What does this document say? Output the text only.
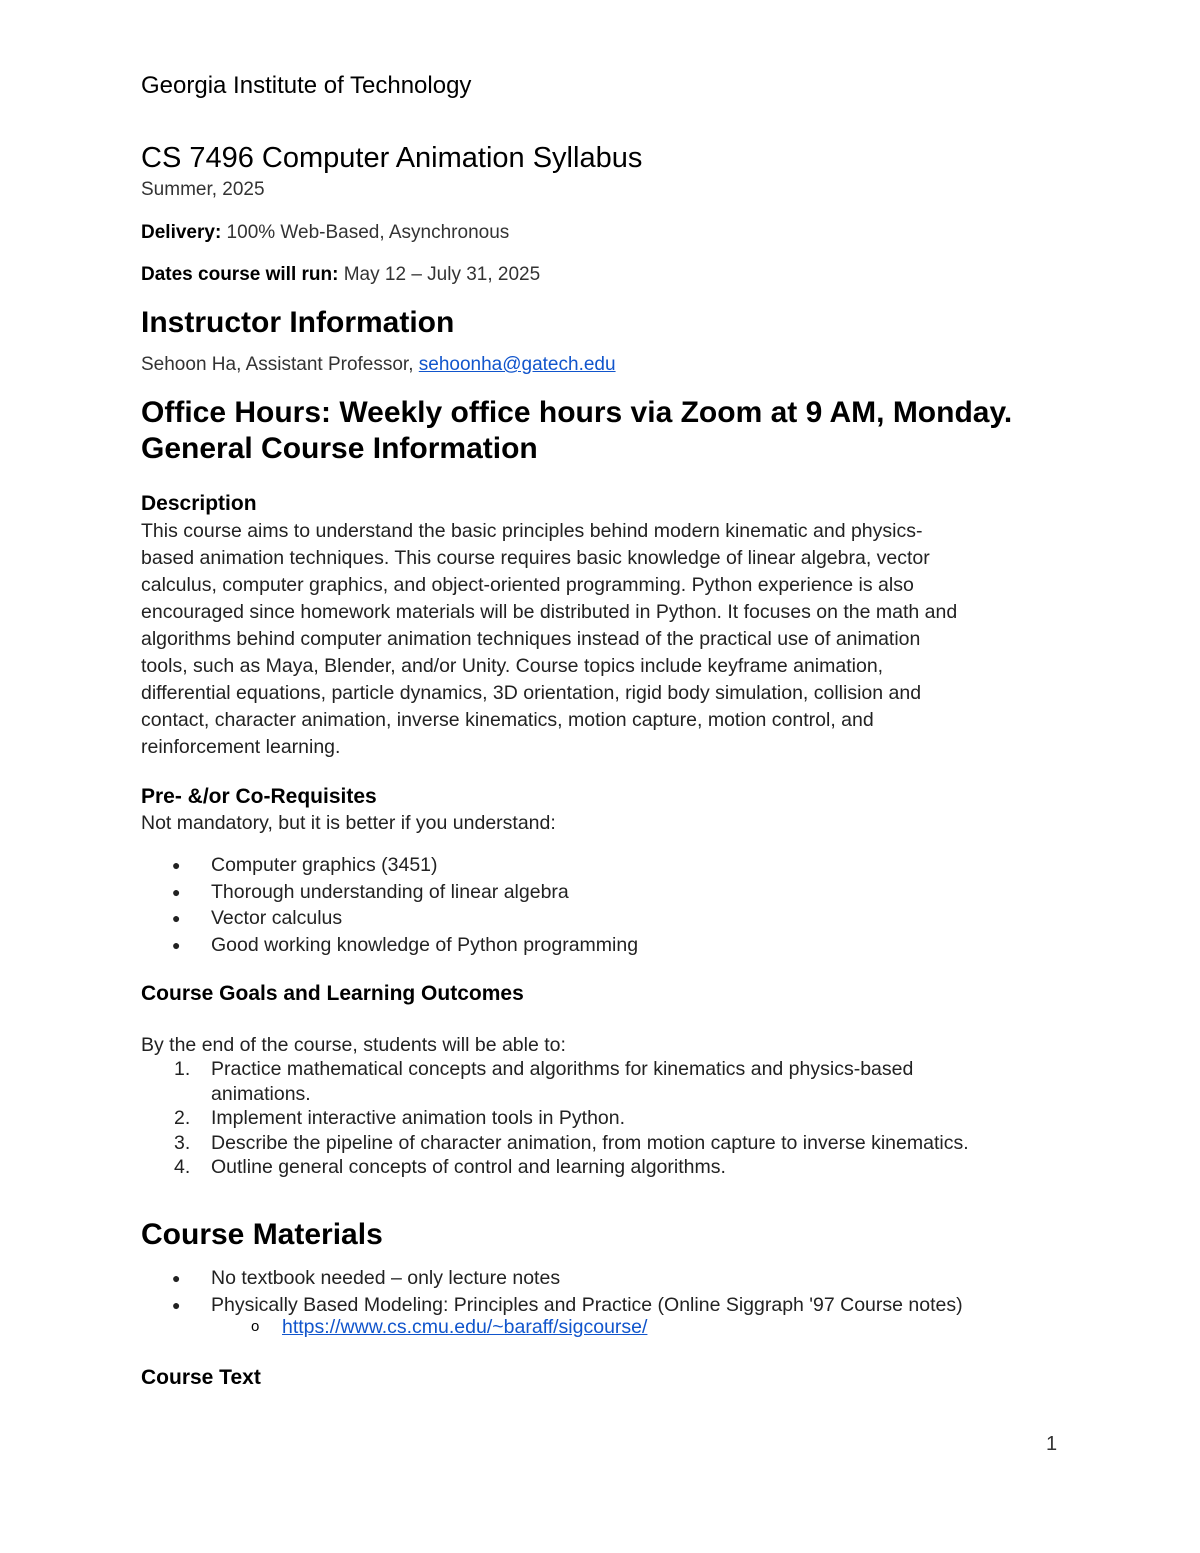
Georgia Institute of Technology
CS 7496 Computer Animation Syllabus
Summer, 2025
Delivery: 100% Web-Based, Asynchronous
Dates course will run: May 12 – July 31, 2025
Instructor Information
Sehoon Ha, Assistant Professor, sehoonha@gatech.edu
Office Hours: Weekly office hours via Zoom at 9 AM, Monday.
General Course Information
Description
This course aims to understand the basic principles behind modern kinematic and physics-
based animation techniques. This course requires basic knowledge of linear algebra, vector
calculus, computer graphics, and object-oriented programming. Python experience is also
encouraged since homework materials will be distributed in Python. It focuses on the math and
algorithms behind computer animation techniques instead of the practical use of animation
tools, such as Maya, Blender, and/or Unity. Course topics include keyframe animation,
differential equations, particle dynamics, 3D orientation, rigid body simulation, collision and
contact, character animation, inverse kinematics, motion capture, motion control, and
reinforcement learning.
Pre- &/or Co-Requisites
Not mandatory, but it is better if you understand:
● Computer graphics (3451)
● Thorough understanding of linear algebra
● Vector calculus
● Good working knowledge of Python programming
Course Goals and Learning Outcomes
By the end of the course, students will be able to:
1. Practice mathematical concepts and algorithms for kinematics and physics-based
animations.
2. Implement interactive animation tools in Python.
3. Describe the pipeline of character animation, from motion capture to inverse kinematics.
4. Outline general concepts of control and learning algorithms.
Course Materials
● No textbook needed – only lecture notes
● Physically Based Modeling: Principles and Practice (Online Siggraph '97 Course notes)
o https://www.cs.cmu.edu/~baraff/sigcourse/
Course Text
1
